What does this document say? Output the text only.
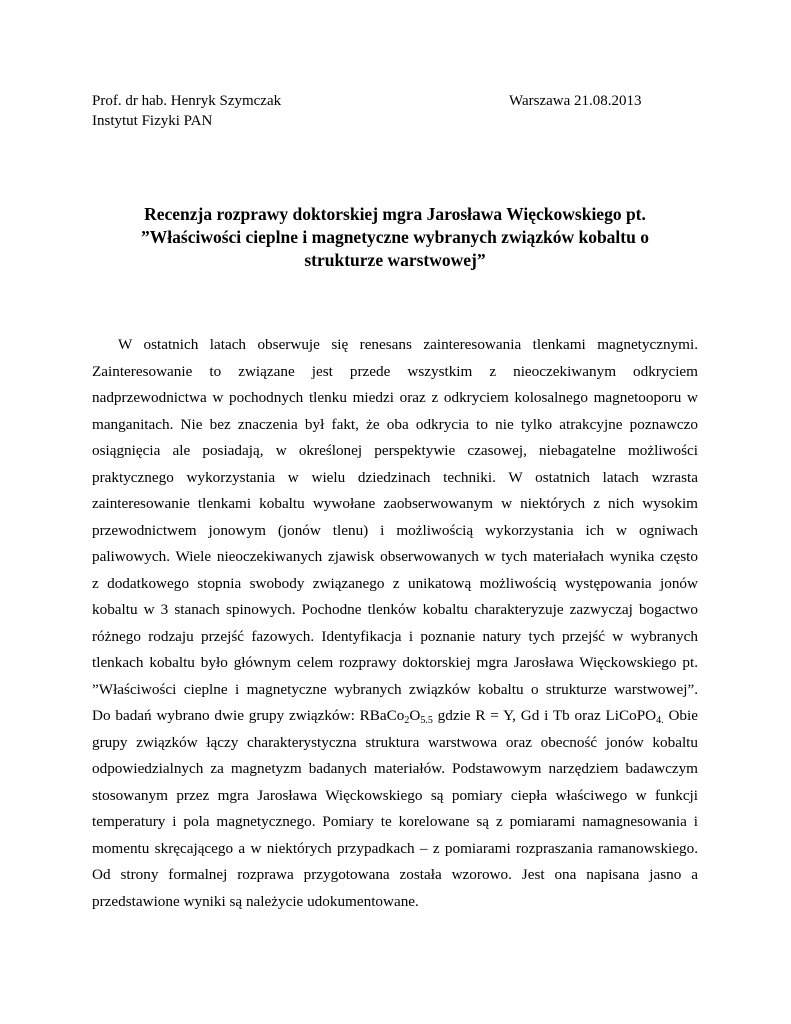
Prof. dr hab. Henryk Szymczak
Instytut Fizyki PAN
Warszawa 21.08.2013
Recenzja rozprawy doktorskiej mgra Jarosława Więckowskiego pt.
”Właściwości cieplne i magnetyczne wybranych związków kobaltu o
strukturze warstwowej”
W ostatnich latach obserwuje się renesans zainteresowania tlenkami magnetycznymi.
Zainteresowanie to związane jest przede wszystkim z nieoczekiwanym odkryciem
nadprzewodnictwa w pochodnych tlenku miedzi oraz z odkryciem kolosalnego magnetooporu w
manganitach. Nie bez znaczenia był fakt, że oba odkrycia to nie tylko atrakcyjne poznawczo
osiągnięcia ale posiadają, w określonej perspektywie czasowej, niebagatelne możliwości
praktycznego wykorzystania w wielu dziedzinach techniki. W ostatnich latach wzrasta
zainteresowanie tlenkami kobaltu wywołane zaobserwowanym w niektórych z nich wysokim
przewodnictwem jonowym (jonów tlenu) i możliwością wykorzystania ich w ogniwach
paliwowych. Wiele nieoczekiwanych zjawisk obserwowanych w tych materiałach wynika często
z dodatkowego stopnia swobody związanego z unikatową możliwością występowania jonów
kobaltu w 3 stanach spinowych. Pochodne tlenków kobaltu charakteryzuje zazwyczaj bogactwo
różnego rodzaju przejść fazowych. Identyfikacja i poznanie natury tych przejść w wybranych
tlenkach kobaltu było głównym celem rozprawy doktorskiej mgra Jarosława Więckowskiego pt.
”Właściwości cieplne i magnetyczne wybranych związków kobaltu o strukturze warstwowej”.
Do badań wybrano dwie grupy związków: $RBaCo_2O_{5.5}$ gdzie R = Y, Gd i Tb oraz LiCoPO$_{4.}$ Obie
grupy związków łączy charakterystyczna struktura warstwowa oraz obecność jonów kobaltu
odpowiedzialnych za magnetyzm badanych materiałów. Podstawowym narzędziem badawczym
stosowanym przez mgra Jarosława Więckowskiego są pomiary ciepła właściwego w funkcji
temperatury i pola magnetycznego. Pomiary te korelowane są z pomiarami namagnesowania i
momentu skręcającego a w niektórych przypadkach – z pomiarami rozpraszania ramanowskiego.
Od strony formalnej rozprawa przygotowana została wzorowo. Jest ona napisana jasno a
przedstawione wyniki są należycie udokumentowane.
